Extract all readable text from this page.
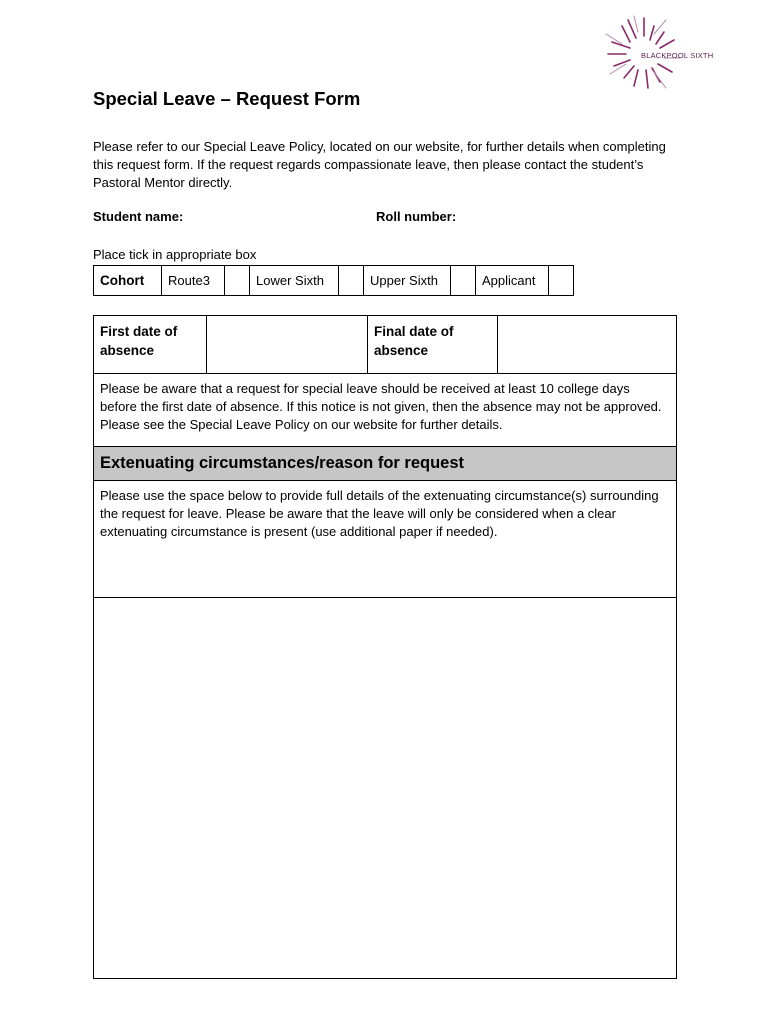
BLACKPOOL SIXTH
Special Leave – Request Form

Please refer to our Special Leave Policy, located on our website, for further details when completing this request form. If the request regards compassionate leave, then please contact the student’s Pastoral Mentor directly.

Student name:	Roll number:
Place tick in appropriate box
Cohort	Route3		Lower Sixth		Upper Sixth		Applicant	
First date of absence		Final date of absence	
Please be aware that a request for special leave should be received at least 10 college days before the first date of absence. If this notice is not given, then the absence may not be approved. Please see the Special Leave Policy on our website for further details.
Extenuating circumstances/reason for request
Please use the space below to provide full details of the extenuating circumstance(s) surrounding the request for leave. Please be aware that the leave will only be considered when a clear extenuating circumstance is present (use additional paper if needed).
